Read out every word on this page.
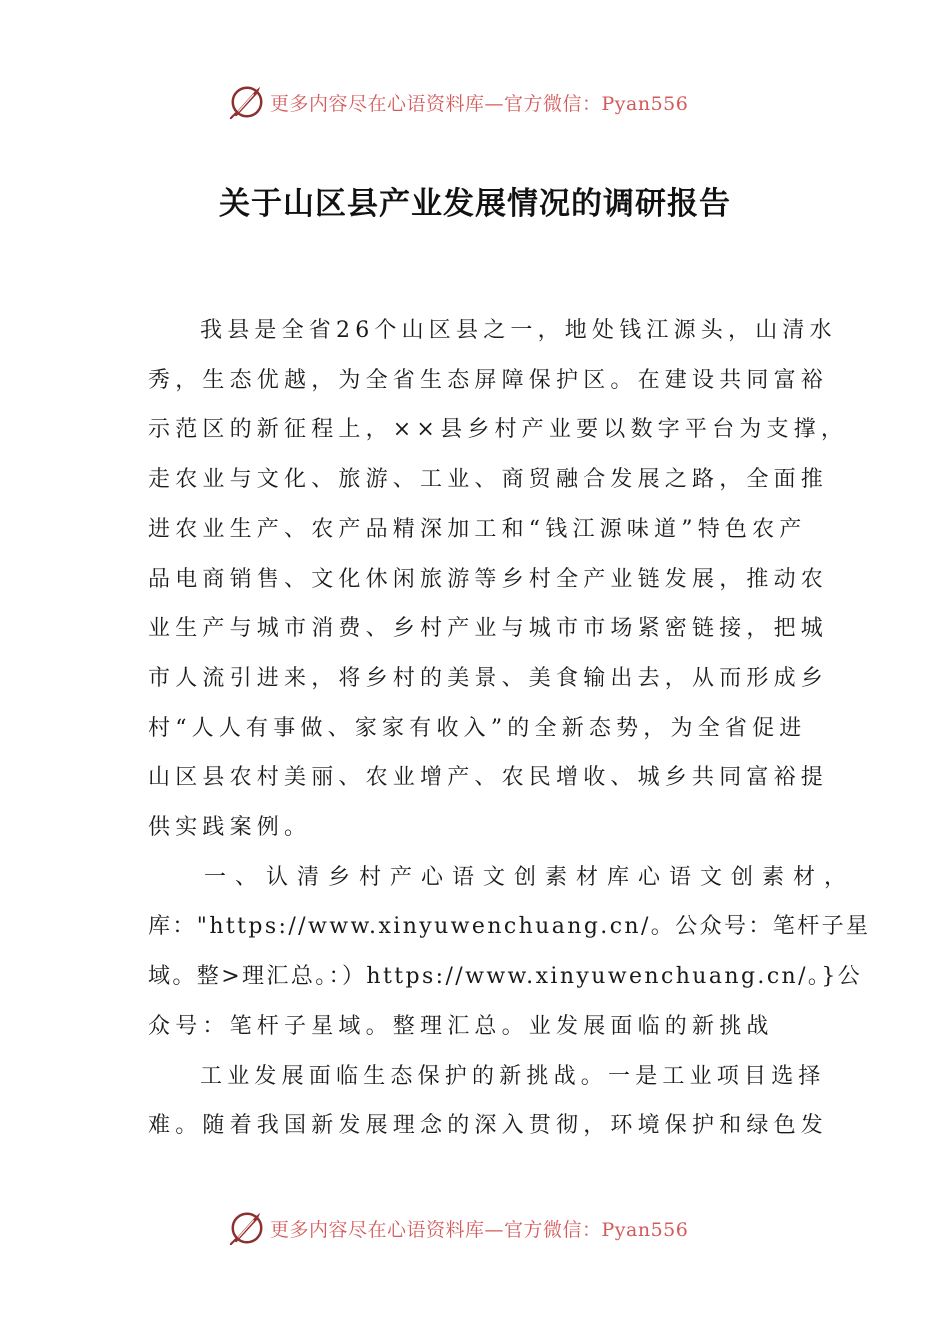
更多内容尽在心语资料库—官方微信：Pyan556
关于山区县产业发展情况的调研报告

我县是全省26个山区县之一，地处钱江源头，山清水
秀，生态优越，为全省生态屏障保护区。在建设共同富裕
示范区的新征程上，××县乡村产业要以数字平台为支撑，
走农业与文化、旅游、工业、商贸融合发展之路，全面推
进农业生产、农产品精深加工和“钱江源味道”特色农产
品电商销售、文化休闲旅游等乡村全产业链发展，推动农
业生产与城市消费、乡村产业与城市市场紧密链接，把城
市人流引进来，将乡村的美景、美食输出去，从而形成乡
村“人人有事做、家家有收入”的全新态势，为全省促进
山区县农村美丽、农业增产、农民增收、城乡共同富裕提
供实践案例。

一、认清乡村产心语文创素材库心语文创素材，
库："https://www.xinyuwenchuang.cn/。公众号：笔杆子星
域。整>理汇总。：）https://www.xinyuwenchuang.cn/。}公
众号：笔杆子星域。整理汇总。业发展面临的新挑战

工业发展面临生态保护的新挑战。一是工业项目选择
难。随着我国新发展理念的深入贯彻，环境保护和绿色发

更多内容尽在心语资料库—官方微信：Pyan556
